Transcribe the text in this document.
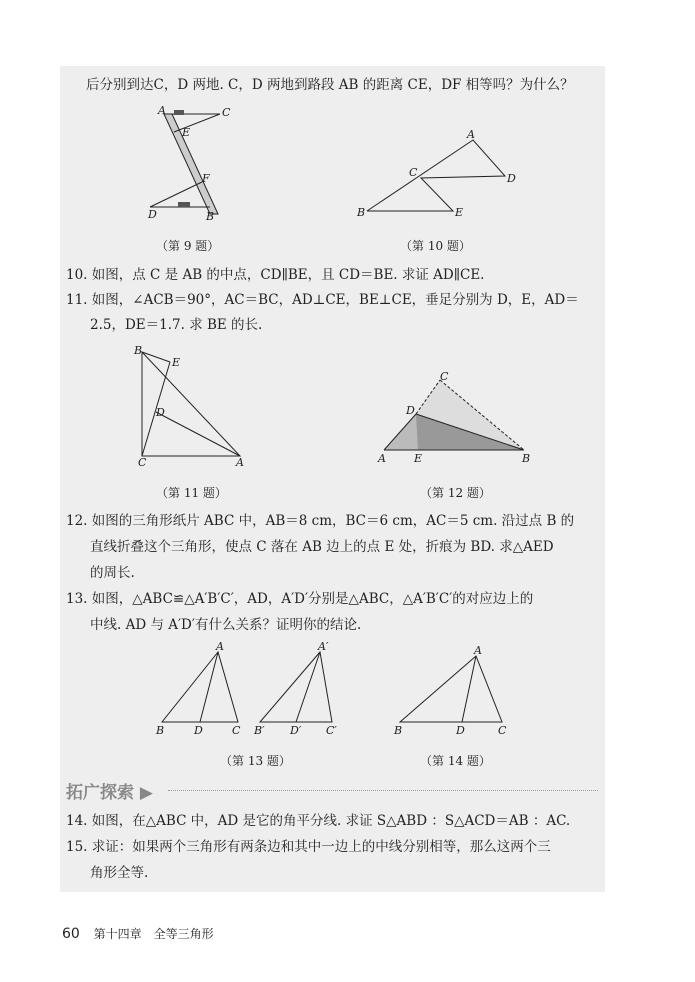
后分别到达C，D 两地. C，D 两地到路段 AB 的距离 CE，DF 相等吗？为什么？
10. 如图，点 C 是 AB 的中点，CD∥BE，且 CD＝BE. 求证 AD∥CE.
11. 如图，∠ACB＝90°，AC＝BC，AD⊥CE，BE⊥CE，垂足分别为 D，E，AD＝
2.5，DE＝1.7. 求 BE 的长.
12. 如图的三角形纸片 ABC 中，AB＝8 cm，BC＝6 cm，AC＝5 cm. 沿过点 B 的
直线折叠这个三角形，使点 C 落在 AB 边上的点 E 处，折痕为 BD. 求△AED
的周长.
13. 如图，△ABC≌△A′B′C′，AD，A′D′分别是△ABC，△A′B′C′的对应边上的
中线. AD 与 A′D′有什么关系？证明你的结论.
14. 如图，在△ABC 中，AD 是它的角平分线. 求证 S△ABD ：S△ACD＝AB ：AC.
15. 求证：如果两个三角形有两条边和其中一边上的中线分别相等，那么这两个三
角形全等.
A	C
E
F
D	B
A
C	D
B	E
（第 9 题）	（第 10 题）
B
E
D
C	A
C
D
A	E	B
（第 11 题）	（第 12 题）
A
B	D	C
A′
B′ D′ C′
A
B	D	C
（第 13 题）	（第 14 题）
拓广探索 ▶
60 第十四章　全等三角形
